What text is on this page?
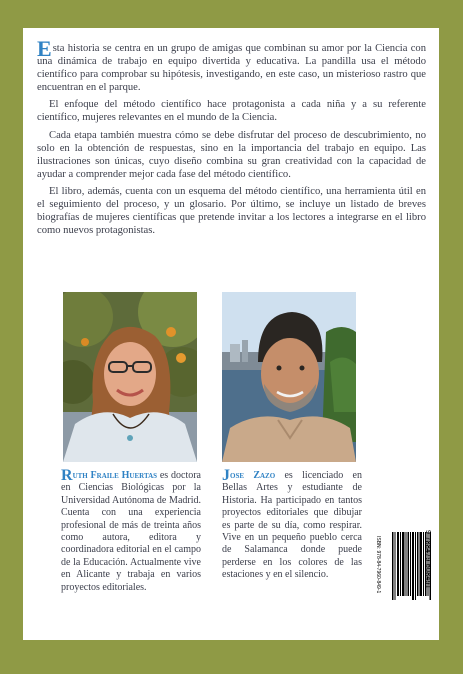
Esta historia se centra en un grupo de amigas que combinan su amor por la Ciencia con una dinámica de trabajo en equipo divertida y educativa. La pandilla usa el método científico para comprobar su hipótesis, investigando, en este caso, un misterioso rastro que encuentran en el parque.

El enfoque del método científico hace protagonista a cada niña y a su referente científico, mujeres relevantes en el mundo de la Ciencia.

Cada etapa también muestra cómo se debe disfrutar del proceso de descubrimiento, no solo en la obtención de respuestas, sino en la importancia del trabajo en equipo. Las ilustraciones son únicas, cuyo diseño combina su gran creatividad con la capacidad de ayudar a comprender mejor cada fase del método científico.

El libro, además, cuenta con un esquema del método científico, una herramienta útil en el seguimiento del proceso, y un glosario. Por último, se incluye un listado de breves biografías de mujeres científicas que pretende invitar a los lectores a integrarse en el libro como nuevos protagonistas.

Ruth Fraile Huertas es doctora en Ciencias Biológicas por la Universidad Autónoma de Madrid. Cuenta con una experiencia profesional de más de treinta años como autora, editora y coordinadora editorial en el campo de la Educación. Actualmente vive en Alicante y trabaja en varios proyectos editoriales.
Jose Zazo es licenciado en Bellas Artes y estudiante de Historia. Ha participado en tantos proyectos editoriales que dibujar es parte de su día, como respirar. Vive en un pequeño pueblo cerca de Salamanca donde puede perderse en los colores de las estaciones y en el silencio.	ISBN: 978-84-7960-849-1	9 788479 608491
ET Index: 686AMS06
